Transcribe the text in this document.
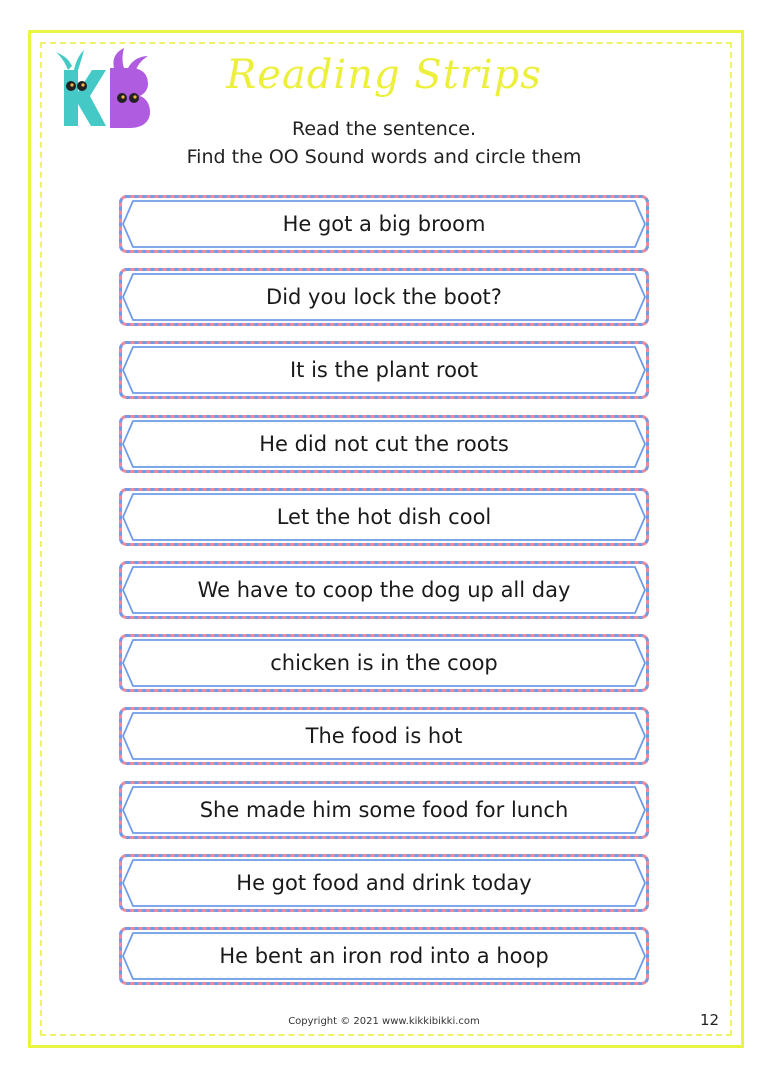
Reading Strips
Read the sentence.
Find the OO Sound words and circle them
He got a big broom
Did you lock the boot?
It is the plant root
He did not cut the roots
Let the hot dish cool
We have to coop the dog up all day
chicken is in the coop
The food is hot
She made him some food for lunch
He got food and drink today
He bent an iron rod into a hoop
Copyright © 2021 www.kikkibikki.com	12
